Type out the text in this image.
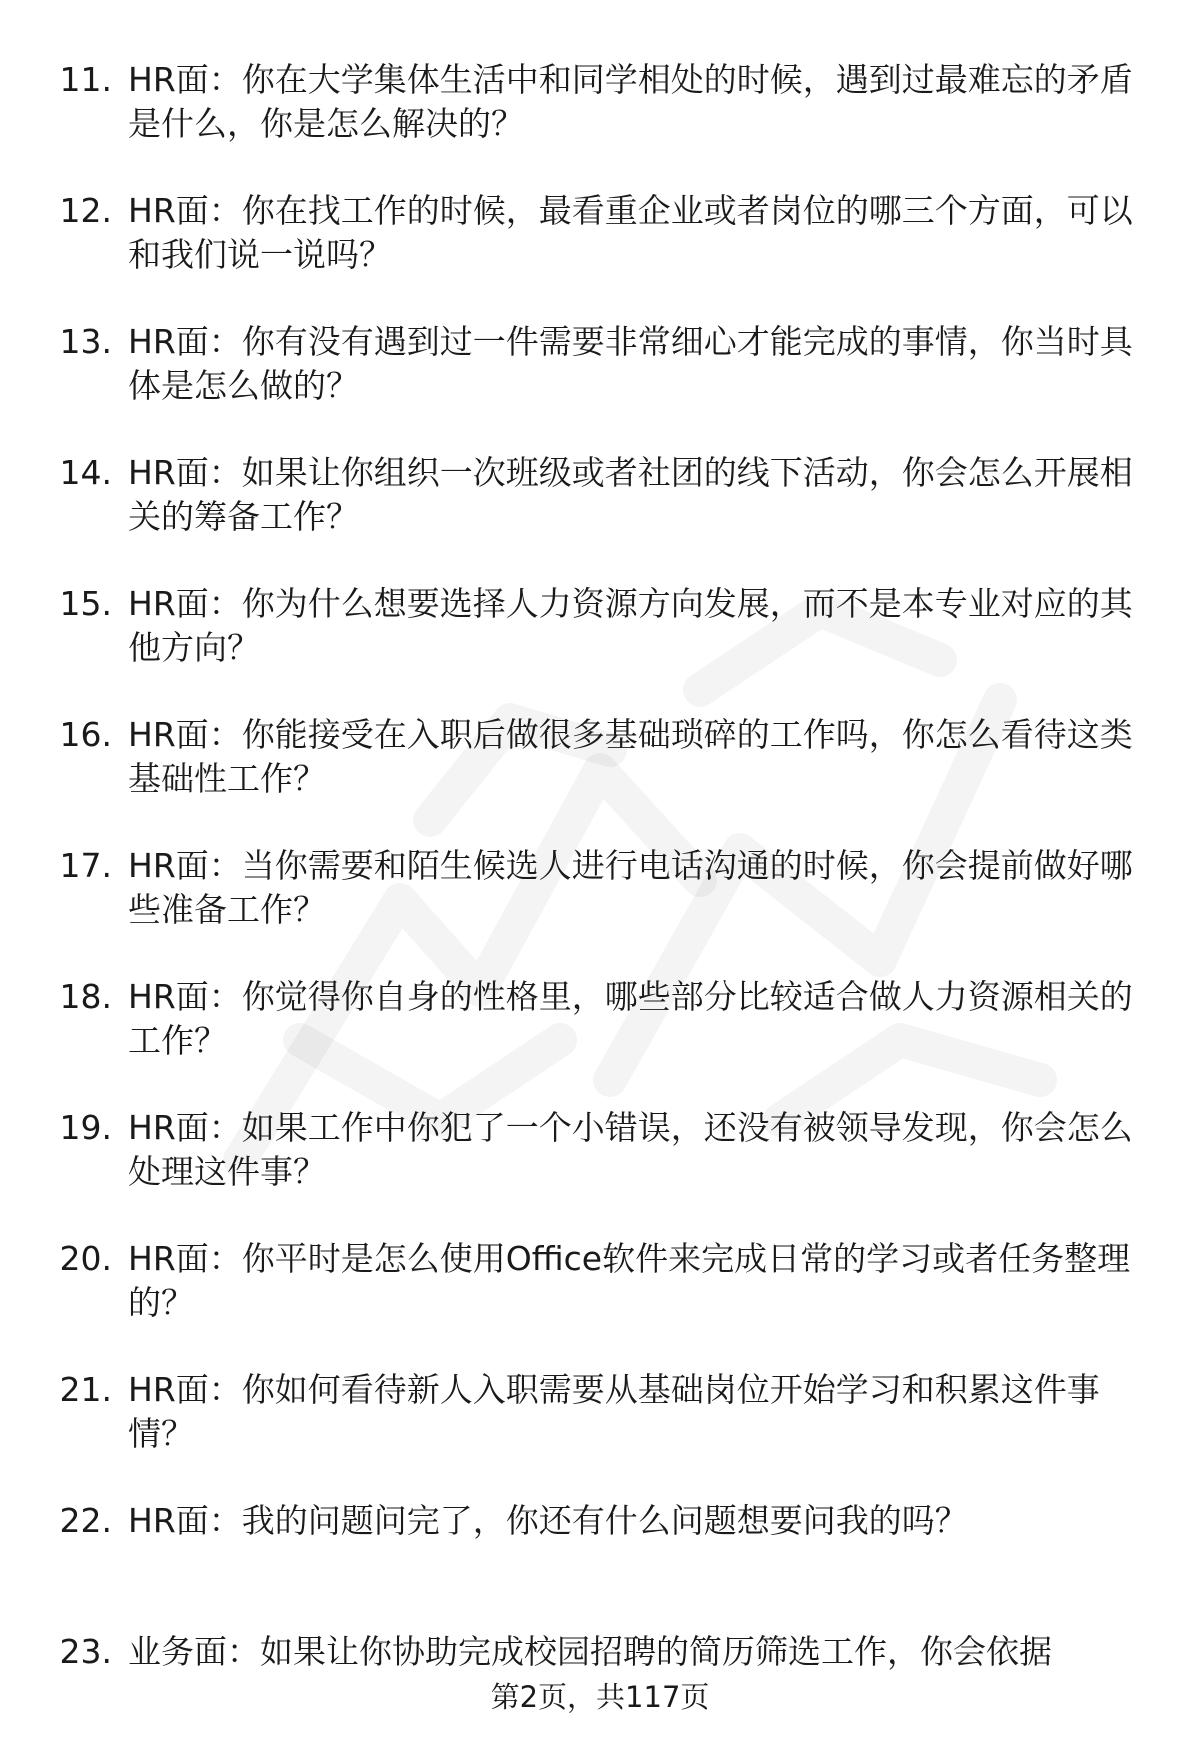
11. HR面：你在大学集体生活中和同学相处的时候，遇到过最难忘的矛盾是什么，你是怎么解决的？
12. HR面：你在找工作的时候，最看重企业或者岗位的哪三个方面，可以和我们说一说吗？
13. HR面：你有没有遇到过一件需要非常细心才能完成的事情，你当时具体是怎么做的？
14. HR面：如果让你组织一次班级或者社团的线下活动，你会怎么开展相关的筹备工作？
15. HR面：你为什么想要选择人力资源方向发展，而不是本专业对应的其他方向？
16. HR面：你能接受在入职后做很多基础琐碎的工作吗，你怎么看待这类基础性工作？
17. HR面：当你需要和陌生候选人进行电话沟通的时候，你会提前做好哪些准备工作？
18. HR面：你觉得你自身的性格里，哪些部分比较适合做人力资源相关的工作？
19. HR面：如果工作中你犯了一个小错误，还没有被领导发现，你会怎么处理这件事？
20. HR面：你平时是怎么使用Office软件来完成日常的学习或者任务整理的？
21. HR面：你如何看待新人入职需要从基础岗位开始学习和积累这件事情？
22. HR面：我的问题问完了，你还有什么问题想要问我的吗？
23. 业务面：如果让你协助完成校园招聘的简历筛选工作，你会依据
第2页，共117页
